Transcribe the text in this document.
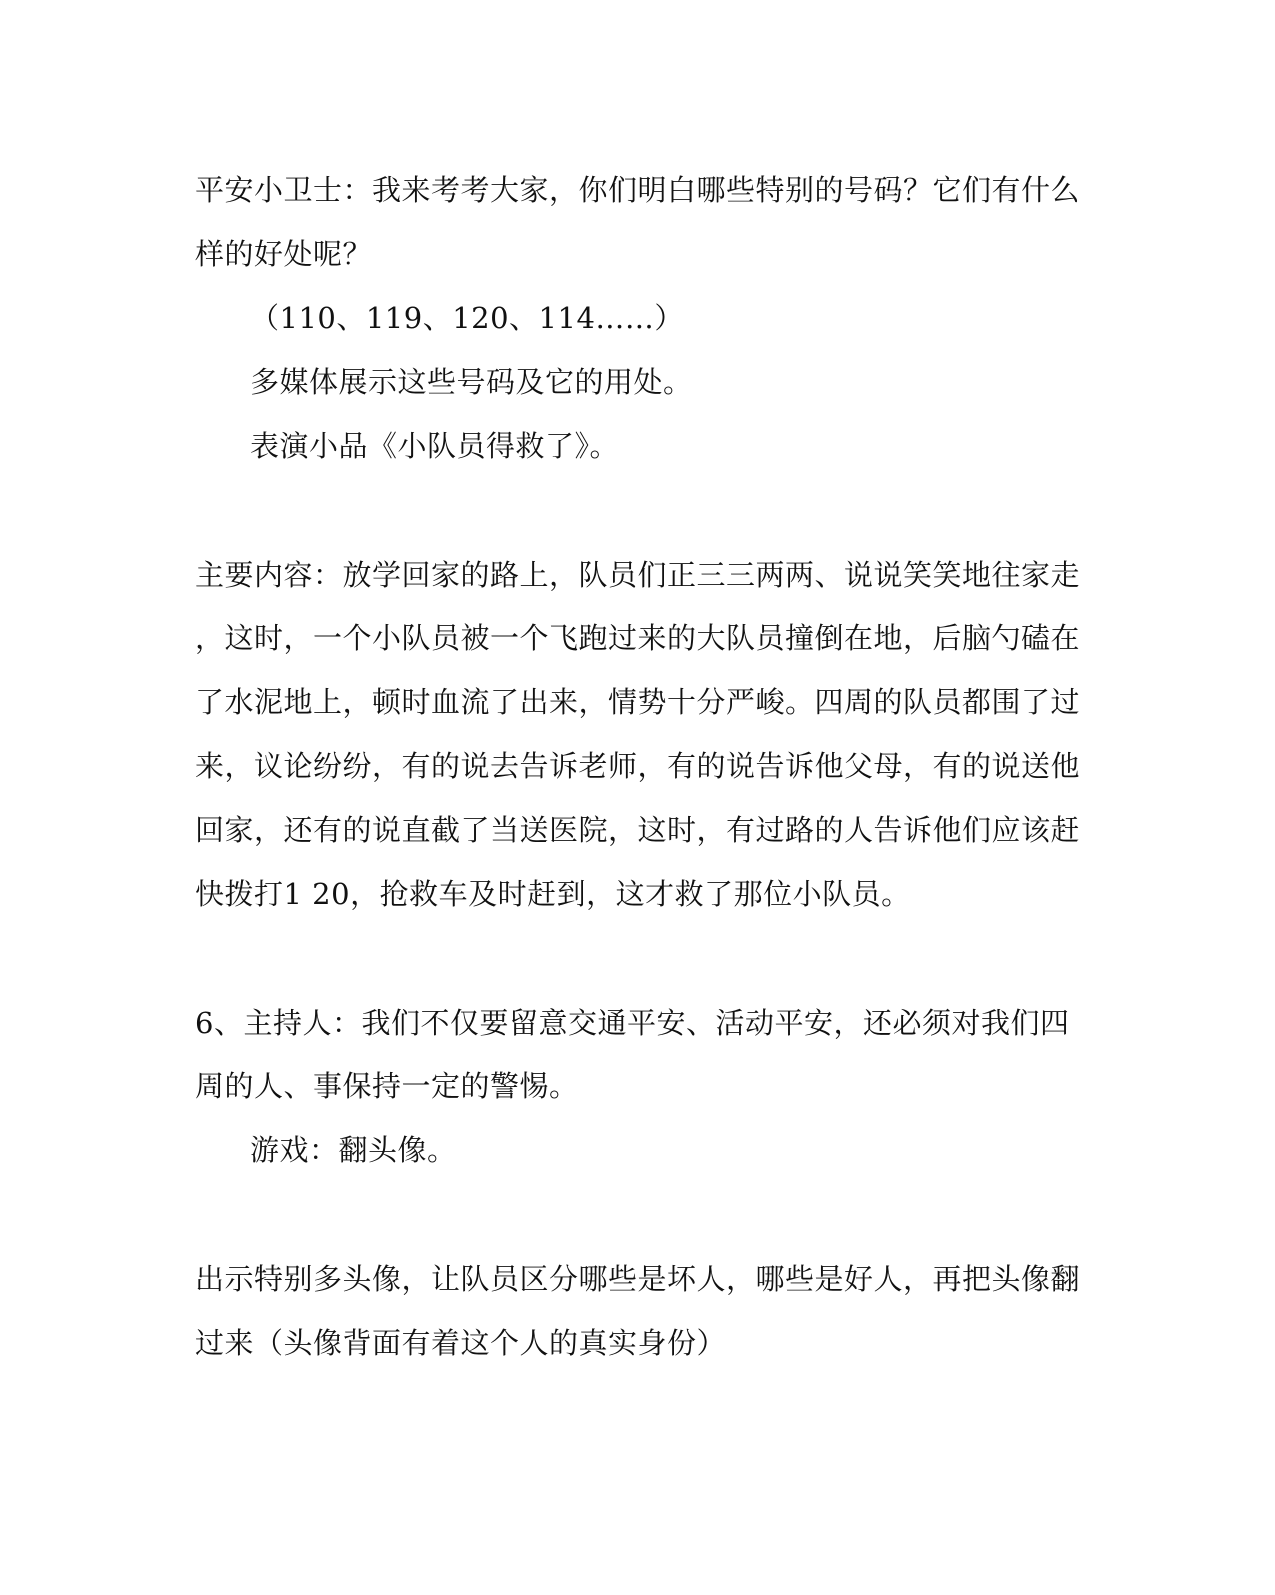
平安小卫士：我来考考大家，你们明白哪些特别的号码？它们有什么
样的好处呢？
（110、119、120、114……）
多媒体展示这些号码及它的用处。
表演小品《小队员得救了》。
主要内容：放学回家的路上，队员们正三三两两、说说笑笑地往家走
，这时，一个小队员被一个飞跑过来的大队员撞倒在地，后脑勺磕在
了水泥地上，顿时血流了出来，情势十分严峻。四周的队员都围了过
来，议论纷纷，有的说去告诉老师，有的说告诉他父母，有的说送他
回家，还有的说直截了当送医院，这时，有过路的人告诉他们应该赶
快拨打1 20，抢救车及时赶到，这才救了那位小队员。
6、主持人：我们不仅要留意交通平安、活动平安，还必须对我们四
周的人、事保持一定的警惕。
游戏：翻头像。
出示特别多头像，让队员区分哪些是坏人，哪些是好人，再把头像翻
过来（头像背面有着这个人的真实身份）
